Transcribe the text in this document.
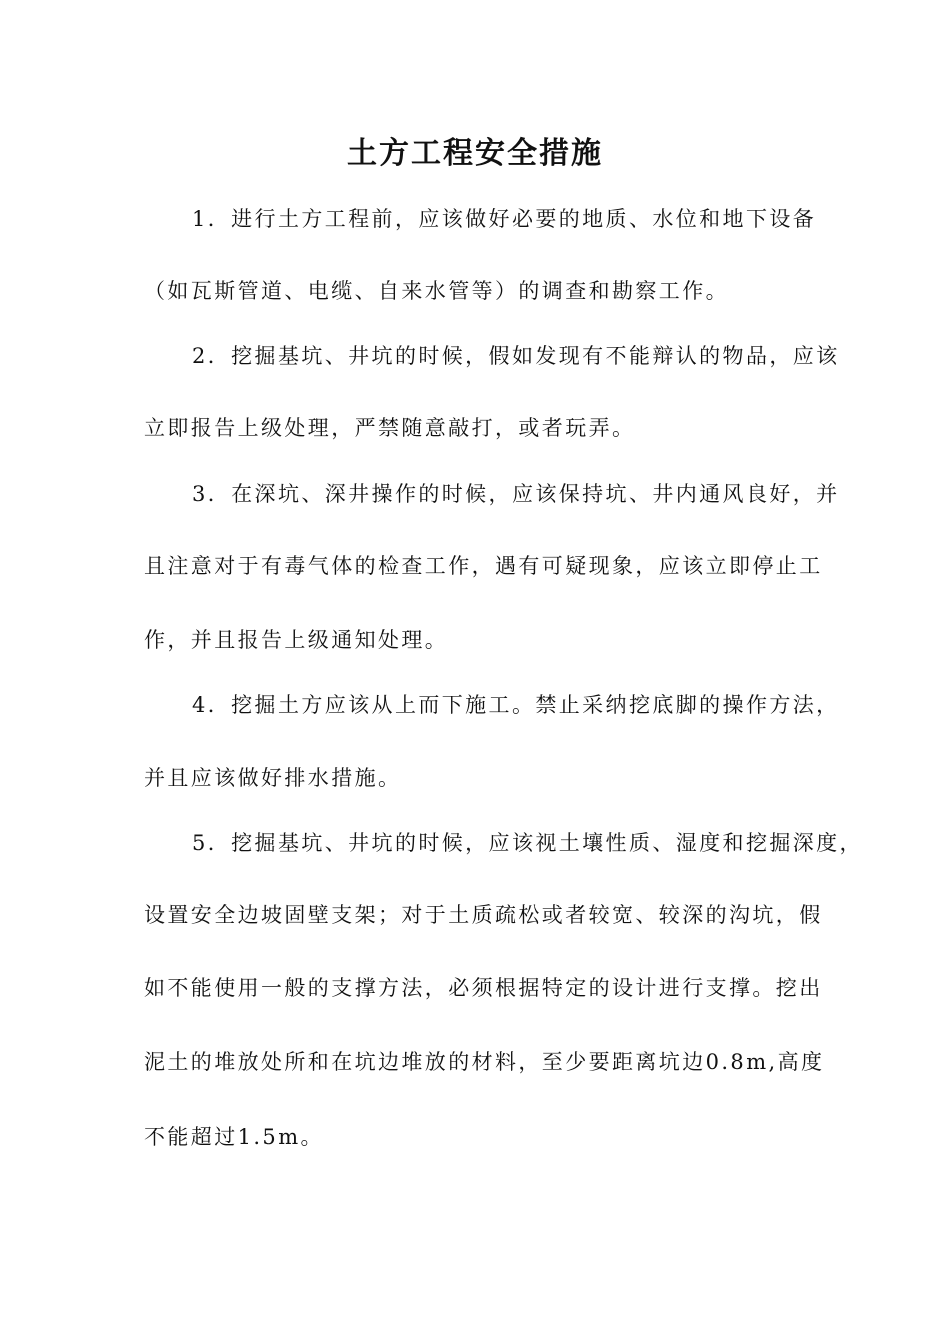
土方工程安全措施
1．进行土方工程前，应该做好必要的地质、水位和地下设备
（如瓦斯管道、电缆、自来水管等）的调查和勘察工作。
2．挖掘基坑、井坑的时候，假如发现有不能辩认的物品，应该
立即报告上级处理，严禁随意敲打，或者玩弄。
3．在深坑、深井操作的时候，应该保持坑、井内通风良好，并
且注意对于有毒气体的检查工作，遇有可疑现象，应该立即停止工
作，并且报告上级通知处理。
4．挖掘土方应该从上而下施工。禁止采纳挖底脚的操作方法，
并且应该做好排水措施。
5．挖掘基坑、井坑的时候，应该视土壤性质、湿度和挖掘深度，
设置安全边坡固壁支架；对于土质疏松或者较宽、较深的沟坑，假
如不能使用一般的支撑方法，必须根据特定的设计进行支撑。挖出
泥土的堆放处所和在坑边堆放的材料，至少要距离坑边0.8m,高度
不能超过1.5m。
